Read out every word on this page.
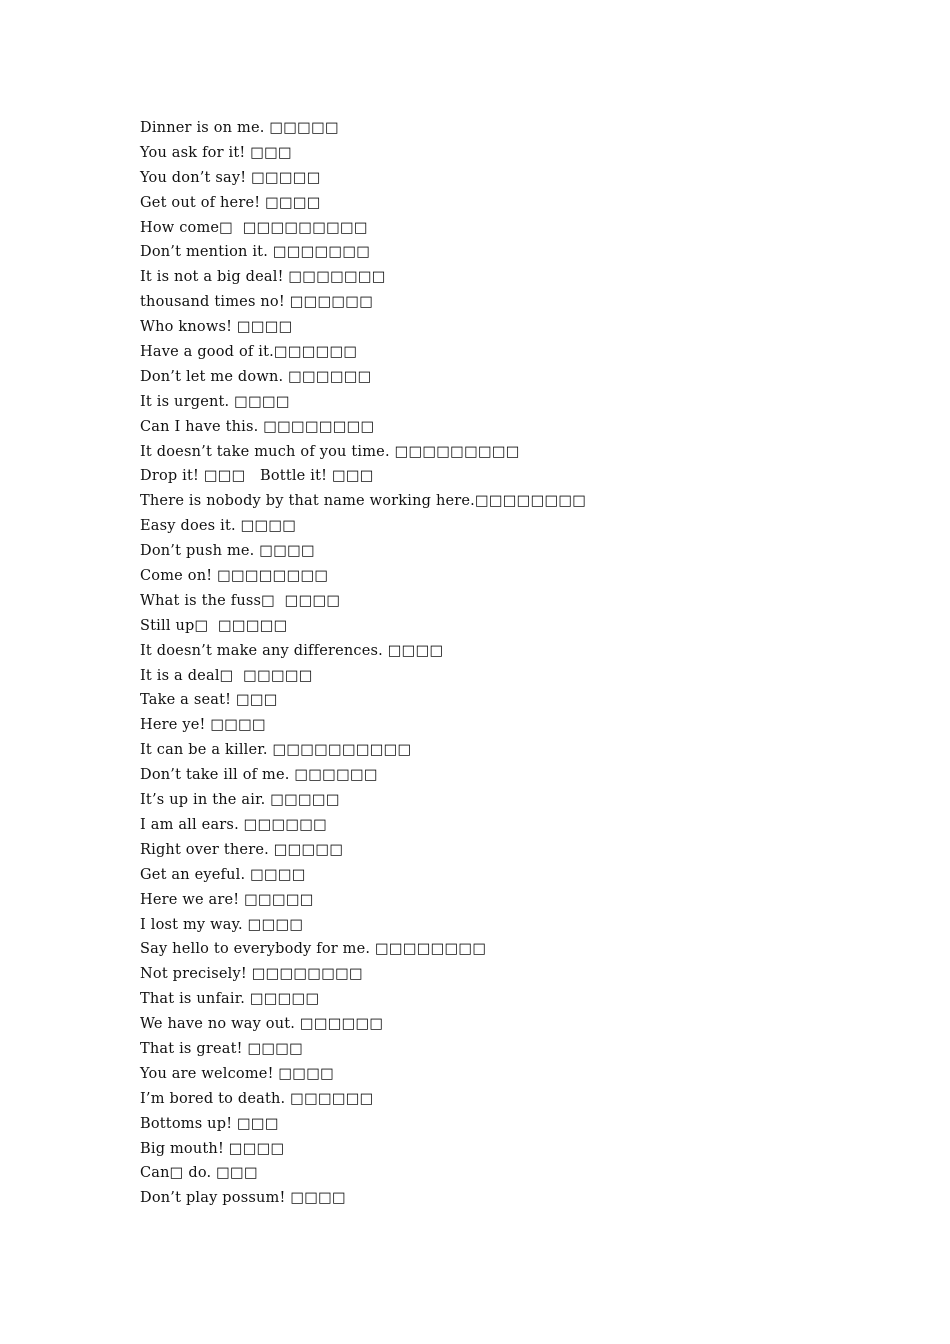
Dinner is on me. □□□□□
You ask for it! □□□
You don’t say! □□□□□
Get out of here! □□□□
How come□  □□□□□□□□□
Don’t mention it. □□□□□□□
It is not a big deal! □□□□□□□
thousand times no! □□□□□□
Who knows! □□□□
Have a good of it.□□□□□□
Don’t let me down. □□□□□□
It is urgent. □□□□
Can I have this. □□□□□□□□
It doesn’t take much of you time. □□□□□□□□□
Drop it! □□□   Bottle it! □□□
There is nobody by that name working here.□□□□□□□□
Easy does it. □□□□
Don’t push me. □□□□
Come on! □□□□□□□□
What is the fuss□  □□□□
Still up□  □□□□□
It doesn’t make any differences. □□□□
It is a deal□  □□□□□
Take a seat! □□□
Here ye! □□□□
It can be a killer. □□□□□□□□□□
Don’t take ill of me. □□□□□□
It’s up in the air. □□□□□
I am all ears. □□□□□□
Right over there. □□□□□
Get an eyeful. □□□□
Here we are! □□□□□
I lost my way. □□□□
Say hello to everybody for me. □□□□□□□□
Not precisely! □□□□□□□□
That is unfair. □□□□□
We have no way out. □□□□□□
That is great! □□□□
You are welcome! □□□□
I’m bored to death. □□□□□□
Bottoms up! □□□
Big mouth! □□□□
Can□ do. □□□
Don’t play possum! □□□□
